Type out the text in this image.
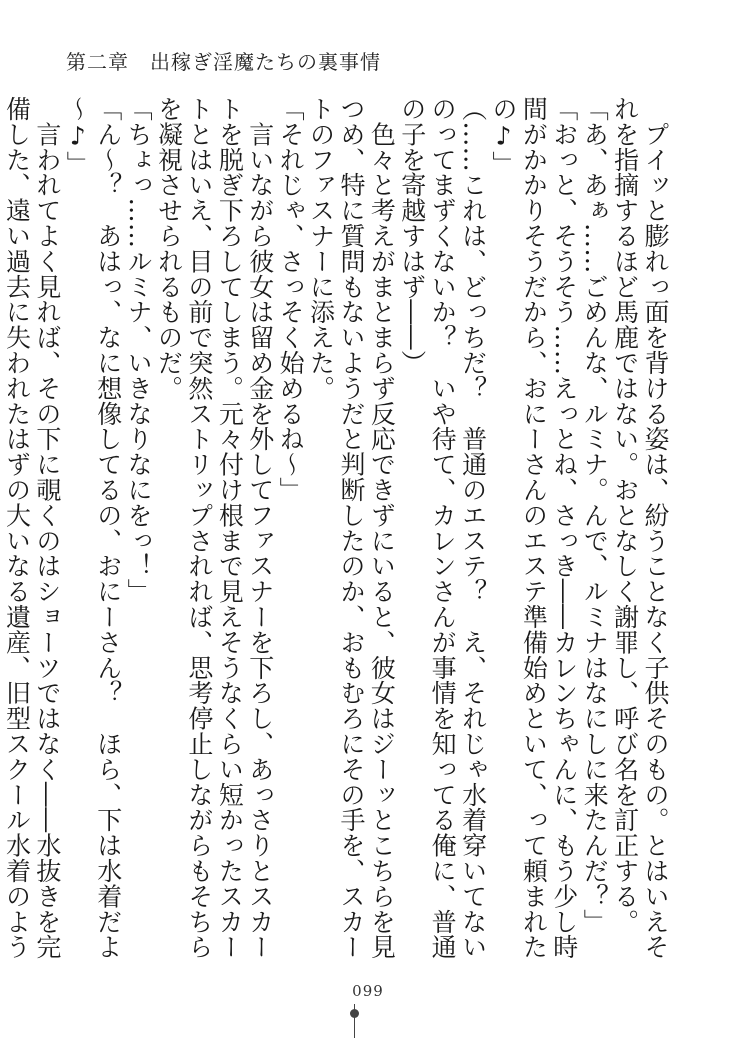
第二章　出稼ぎ淫魔たちの裏事情

　プイッと膨れっ面を背ける姿は、紛うことなく子供そのもの。とはいえそれを指摘するほど馬鹿ではない。おとなしく謝罪し、呼び名を訂正する。

「あ、あぁ……ごめんな、ルミナ。んで、ルミナはなにしに来たんだ？」

「おっと、そうそう……えっとね、さっき――カレンちゃんに、もう少し時間がかかりそうだから、おにーさんのエステ準備始めといて、って頼まれたの♪」

（……これは、どっちだ？　普通のエステ？　え、それじゃ水着穿いてないのってまずくないか？　いや待て、カレンさんが事情を知ってる俺に、普通の子を寄越すはず――）

　色々と考えがまとまらず反応できずにいると、彼女はジーッとこちらを見つめ、特に質問もないようだと判断したのか、おもむろにその手を、スカートのファスナーに添えた。

「それじゃ、さっそく始めるね～」

　言いながら彼女は留め金を外してファスナーを下ろし、あっさりとスカートを脱ぎ下ろしてしまう。元々付け根まで見えそうなくらい短かったスカートとはいえ、目の前で突然ストリップされれば、思考停止しながらもそちらを凝視させられるものだ。

「ちょっ……ルミナ、いきなりなにをっ！」

「ん～？　あはっ、なに想像してるの、おにーさん？　ほら、下は水着だよ～♪」

　言われてよく見れば、その下に覗くのはショーツではなく――水抜きを完備した、遠い過去に失われたはずの大いなる遺産、旧型スクール水着のよう

099
